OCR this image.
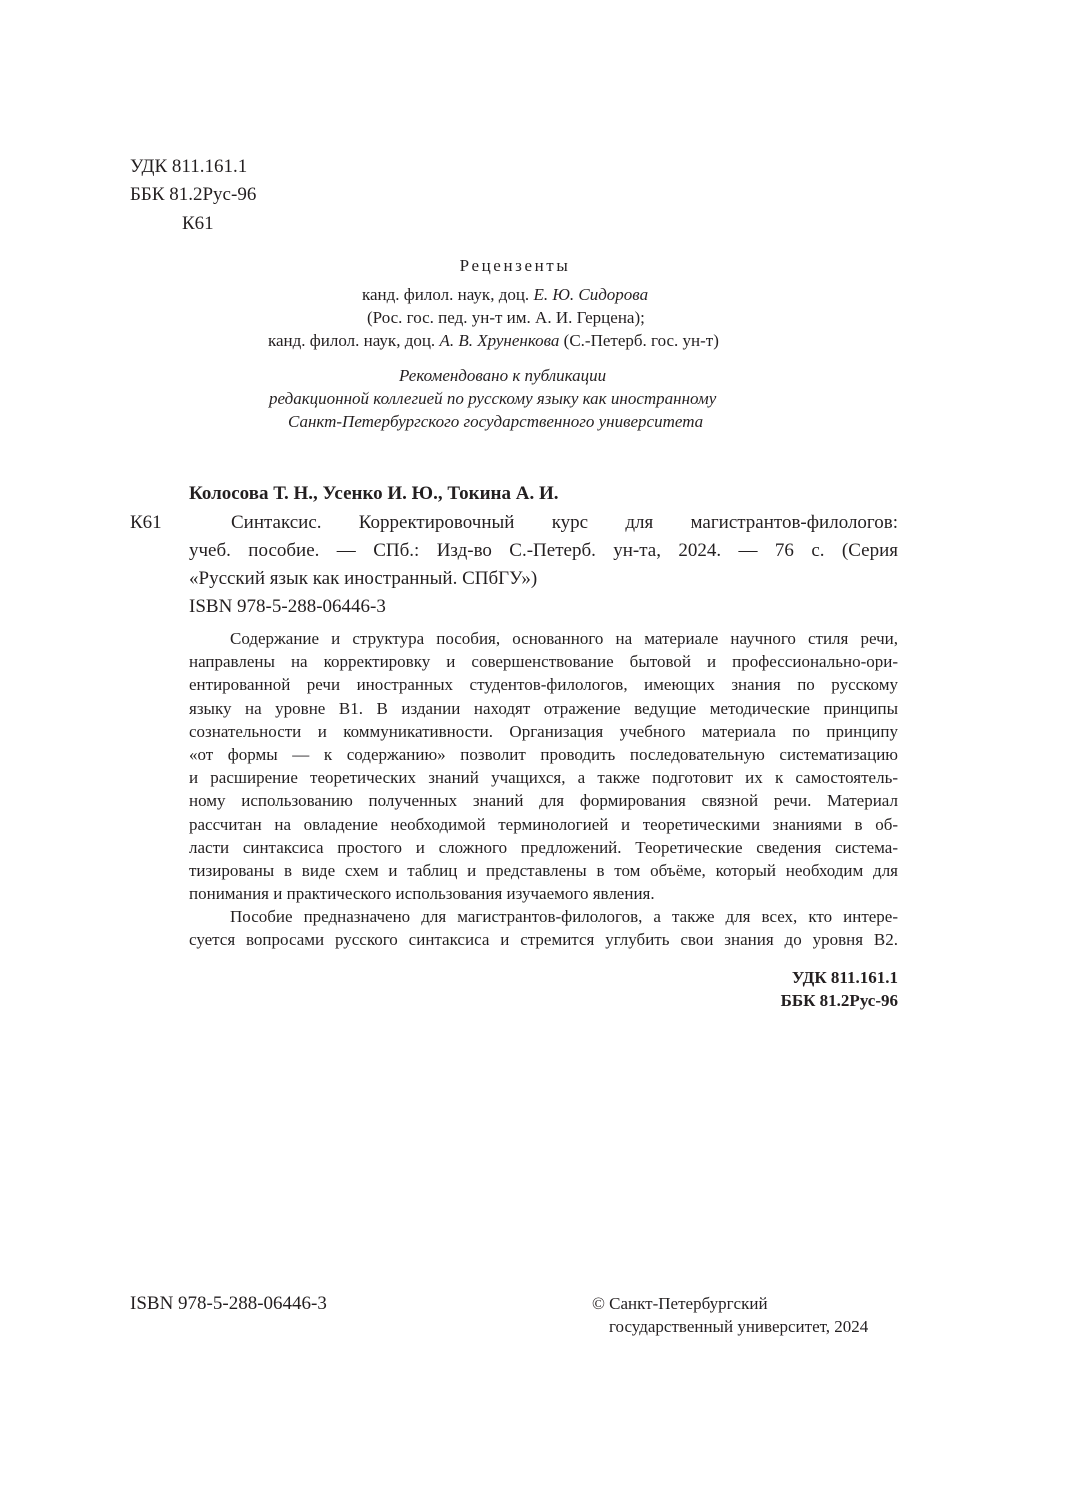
УДК 811.161.1
ББК 81.2Рус-96
К61
Рецензенты
канд. филол. наук, доц. Е. Ю. Сидорова
(Рос. гос. пед. ун-т им. А. И. Герцена);
канд. филол. наук, доц. А. В. Хруненкова (С.-Петерб. гос. ун-т)
Рекомендовано к публикации
редакционной коллегией по русскому языку как иностранному
Санкт-Петербургского государственного университета
Колосова Т. Н., Усенко И. Ю., Токина А. И.
К61	Синтаксис. Корректировочный курс для магистрантов-филологов:
учеб. пособие. — СПб.: Изд-во С.-Петерб. ун-та, 2024. — 76 с. (Серия
«Русский язык как иностранный. СПбГУ»)
ISBN 978-5-288-06446-3
Содержание и структура пособия, основанного на материале научного стиля речи,
направлены на корректировку и совершенствование бытовой и профессионально-ори-
ентированной речи иностранных студентов-филологов, имеющих знания по русскому
языку на уровне B1. В издании находят отражение ведущие методические принципы
сознательности и коммуникативности. Организация учебного материала по принципу
«от формы — к содержанию» позволит проводить последовательную систематизацию
и расширение теоретических знаний учащихся, а также подготовит их к самостоятель-
ному использованию полученных знаний для формирования связной речи. Материал
рассчитан на овладение необходимой терминологией и теоретическими знаниями в об-
ласти синтаксиса простого и сложного предложений. Теоретические сведения система-
тизированы в виде схем и таблиц и представлены в том объёме, который необходим для
понимания и практического использования изучаемого явления.
Пособие предназначено для магистрантов-филологов, а также для всех, кто интере-
суется вопросами русского синтаксиса и стремится углубить свои знания до уровня B2.
УДК 811.161.1
ББК 81.2Рус-96
ISBN 978-5-288-06446-3	© Санкт-Петербургский
государственный университет, 2024
